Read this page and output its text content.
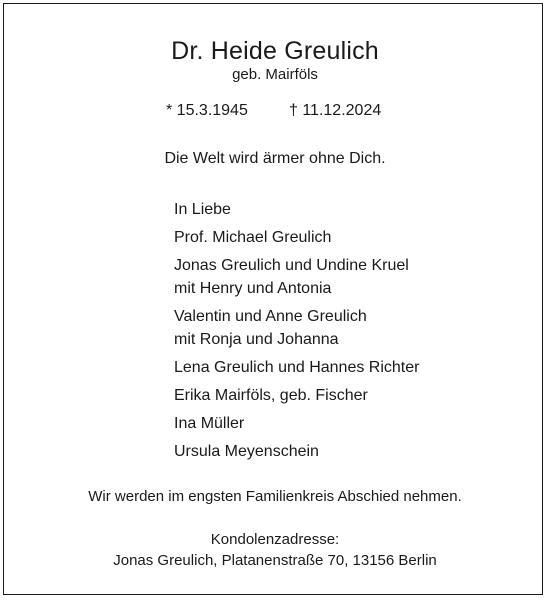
Dr. Heide Greulich
geb. Mairföls
* 15.3.1945	† 11.12.2024
Die Welt wird ärmer ohne Dich.
In Liebe
Prof. Michael Greulich
Jonas Greulich und Undine Kruel
mit Henry und Antonia
Valentin und Anne Greulich
mit Ronja und Johanna
Lena Greulich und Hannes Richter
Erika Mairföls, geb. Fischer
Ina Müller
Ursula Meyenschein
Wir werden im engsten Familienkreis Abschied nehmen.
Kondolenzadresse:
Jonas Greulich, Platanenstraße 70, 13156 Berlin
